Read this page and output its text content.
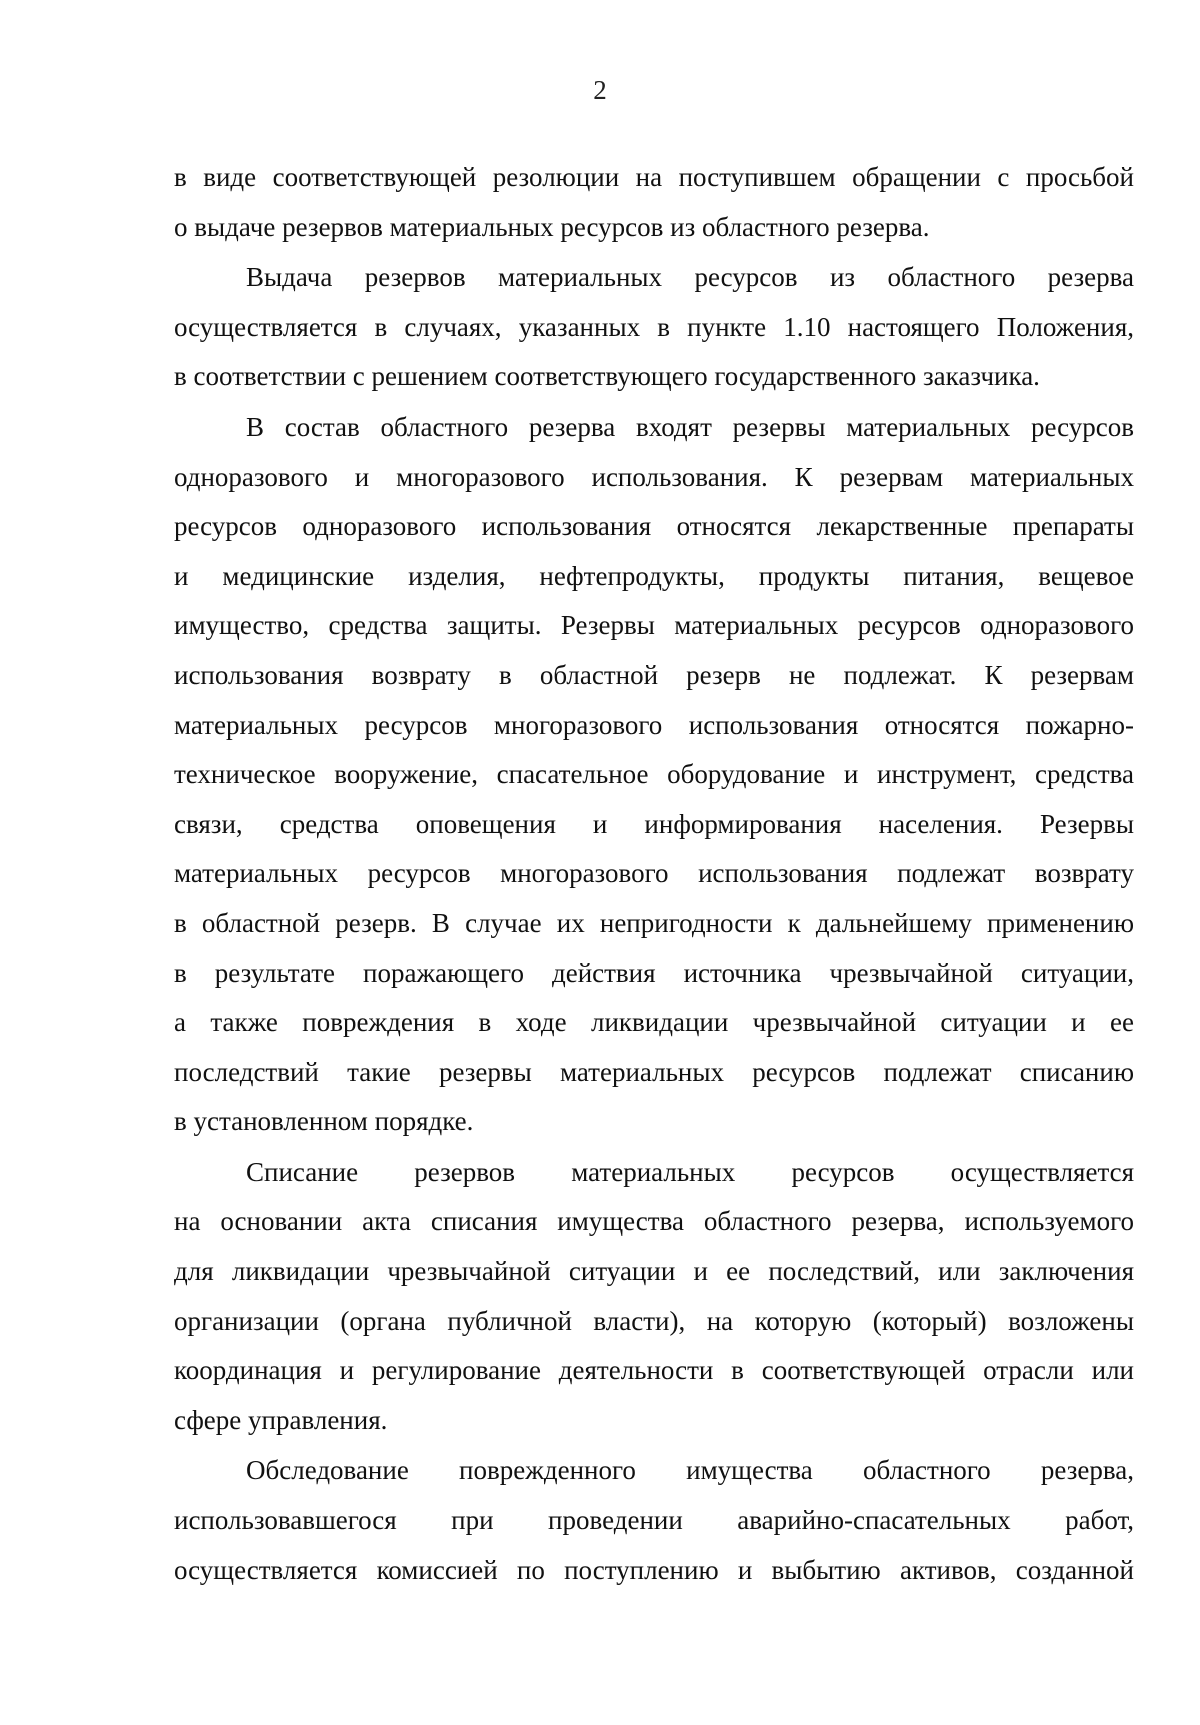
2

в виде соответствующей резолюции на поступившем обращении с просьбой
о выдаче резервов материальных ресурсов из областного резерва.

Выдача резервов материальных ресурсов из областного резерва
осуществляется в случаях, указанных в пункте 1.10 настоящего Положения,
в соответствии с решением соответствующего государственного заказчика.

В состав областного резерва входят резервы материальных ресурсов
одноразового и многоразового использования. К резервам материальных
ресурсов одноразового использования относятся лекарственные препараты
и медицинские изделия, нефтепродукты, продукты питания, вещевое
имущество, средства защиты. Резервы материальных ресурсов одноразового
использования возврату в областной резерв не подлежат. К резервам
материальных ресурсов многоразового использования относятся пожарно-
техническое вооружение, спасательное оборудование и инструмент, средства
связи, средства оповещения и информирования населения. Резервы
материальных ресурсов многоразового использования подлежат возврату
в областной резерв. В случае их непригодности к дальнейшему применению
в результате поражающего действия источника чрезвычайной ситуации,
а также повреждения в ходе ликвидации чрезвычайной ситуации и ее
последствий такие резервы материальных ресурсов подлежат списанию
в установленном порядке.

Списание резервов материальных ресурсов осуществляется
на основании акта списания имущества областного резерва, используемого
для ликвидации чрезвычайной ситуации и ее последствий, или заключения
организации (органа публичной власти), на которую (который) возложены
координация и регулирование деятельности в соответствующей отрасли или
сфере управления.

Обследование поврежденного имущества областного резерва,
использовавшегося при проведении аварийно-спасательных работ,
осуществляется комиссией по поступлению и выбытию активов, созданной
